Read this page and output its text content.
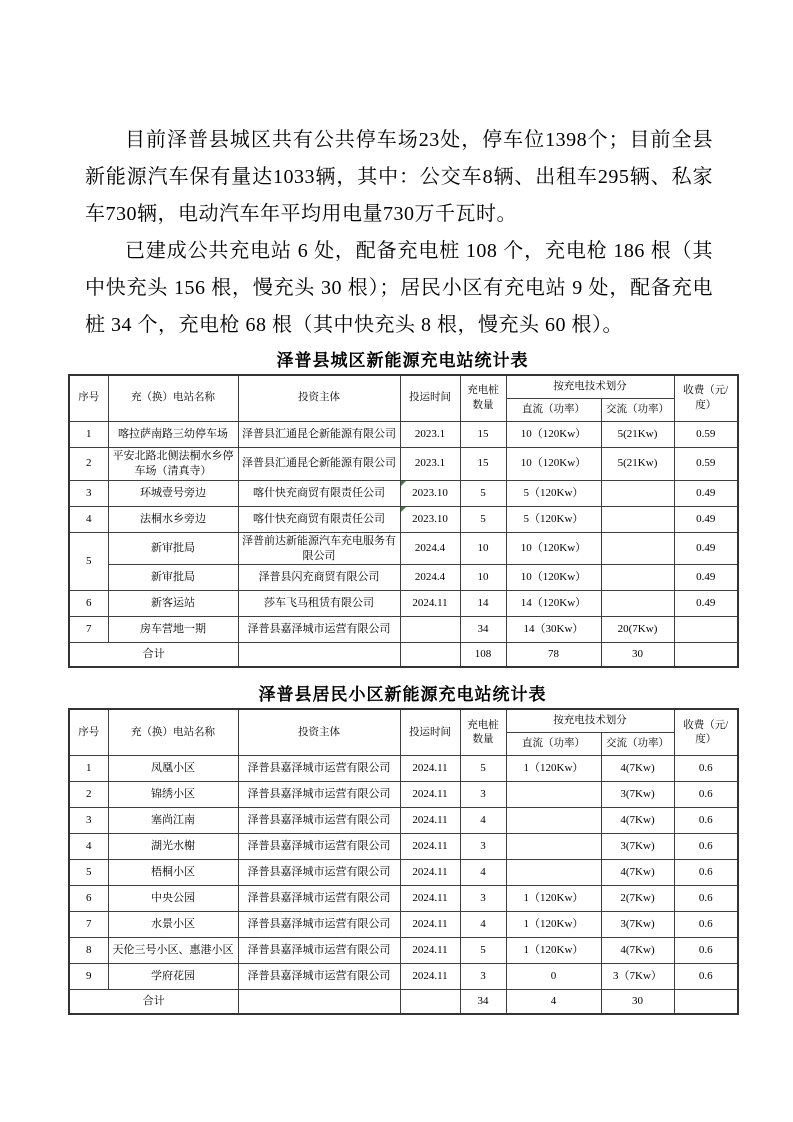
目前泽普县城区共有公共停车场23处，停车位1398个；目前全县新能源汽车保有量达1033辆，其中：公交车8辆、出租车295辆、私家车730辆，电动汽车年平均用电量730万千瓦时。

已建成公共充电站 6 处，配备充电桩 108 个，充电枪 186 根（其中快充头 156 根，慢充头 30 根）；居民小区有充电站 9 处，配备充电桩 34 个，充电枪 68 根（其中快充头 8 根，慢充头 60 根）。

泽普县城区新能源充电站统计表
序号	充（换）电站名称	投资主体	投运时间	充电桩数量	按充电技术划分		收费（元/度）
					直流（功率）	交流（功率）	
1	喀拉萨南路三幼停车场	泽普县汇通昆仑新能源有限公司	2023.1	15	10（120Kw）	5(21Kw)	0.59
2	平安北路北侧法桐水乡停车场（清真寺）	泽普县汇通昆仑新能源有限公司	2023.1	15	10（120Kw）	5(21Kw)	0.59
3	环城壹号旁边	喀什快充商贸有限责任公司	2023.10	5	5（120Kw）		0.49
4	法桐水乡旁边	喀什快充商贸有限责任公司	2023.10	5	5（120Kw）		0.49
5	新审批局	泽普前达新能源汽车充电服务有限公司	2024.4	10	10（120Kw）		0.49
	新审批局	泽普县闪充商贸有限公司	2024.4	10	10（120Kw）		0.49
6	新客运站	莎车飞马租赁有限公司	2024.11	14	14（120Kw）		0.49
7	房车营地一期	泽普县嘉泽城市运营有限公司		34	14（30Kw）	20(7Kw)	
合计				108	78	30	
泽普县居民小区新能源充电站统计表
序号	充（换）电站名称	投资主体	投运时间	充电桩数量	按充电技术划分		收费（元/度）
					直流（功率）	交流（功率）	
1	凤凰小区	泽普县嘉泽城市运营有限公司	2024.11	5	1（120Kw）	4(7Kw)	0.6
2	锦绣小区	泽普县嘉泽城市运营有限公司	2024.11	3		3(7Kw)	0.6
3	塞尚江南	泽普县嘉泽城市运营有限公司	2024.11	4		4(7Kw)	0.6
4	湖光水榭	泽普县嘉泽城市运营有限公司	2024.11	3		3(7Kw)	0.6
5	梧桐小区	泽普县嘉泽城市运营有限公司	2024.11	4		4(7Kw)	0.6
6	中央公园	泽普县嘉泽城市运营有限公司	2024.11	3	1（120Kw）	2(7Kw)	0.6
7	水景小区	泽普县嘉泽城市运营有限公司	2024.11	4	1（120Kw）	3(7Kw)	0.6
8	天伦三号小区、惠港小区	泽普县嘉泽城市运营有限公司	2024.11	5	1（120Kw）	4(7Kw)	0.6
9	学府花园	泽普县嘉泽城市运营有限公司	2024.11	3	0	3（7Kw）	0.6
合计				34	4	30	
